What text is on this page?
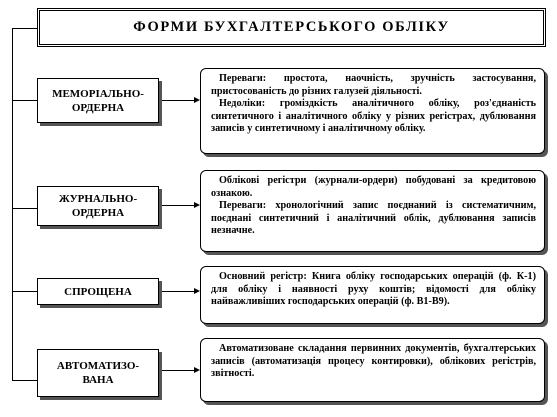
ФОРМИ БУХГАЛТЕРСЬКОГО ОБЛІКУ
МЕМОРІАЛЬНО-
ОРДЕРНА

Переваги: простота, наочність, зручність застосування, пристосованість до різних галузей діяльності.

Недоліки: громіздкість аналітичного обліку, роз'єднаність синтетичного і аналітичного обліку у різних регістрах, дублювання записів у синтетичному і аналітичному обліку.

ЖУРНАЛЬНО-
ОРДЕРНА

Облікові регістри (журнали-ордери) побудовані за кредитовою ознакою.

Переваги: хронологічний запис поєднаний із систематичним, поєднані синтетичний і аналітичний облік, дублювання записів незначне.

СПРОЩЕНА

Основний регістр: Книга обліку господарських операцій (ф. К-1) для обліку і наявності руху коштів; відомості для обліку найважливіших господарських операцій (ф. В1-В9).

АВТОМАТИЗО-
ВАНА

Автоматизоване складання первинних документів, бухгалтерських записів (автоматизація процесу контировки), облікових регістрів, звітності.
